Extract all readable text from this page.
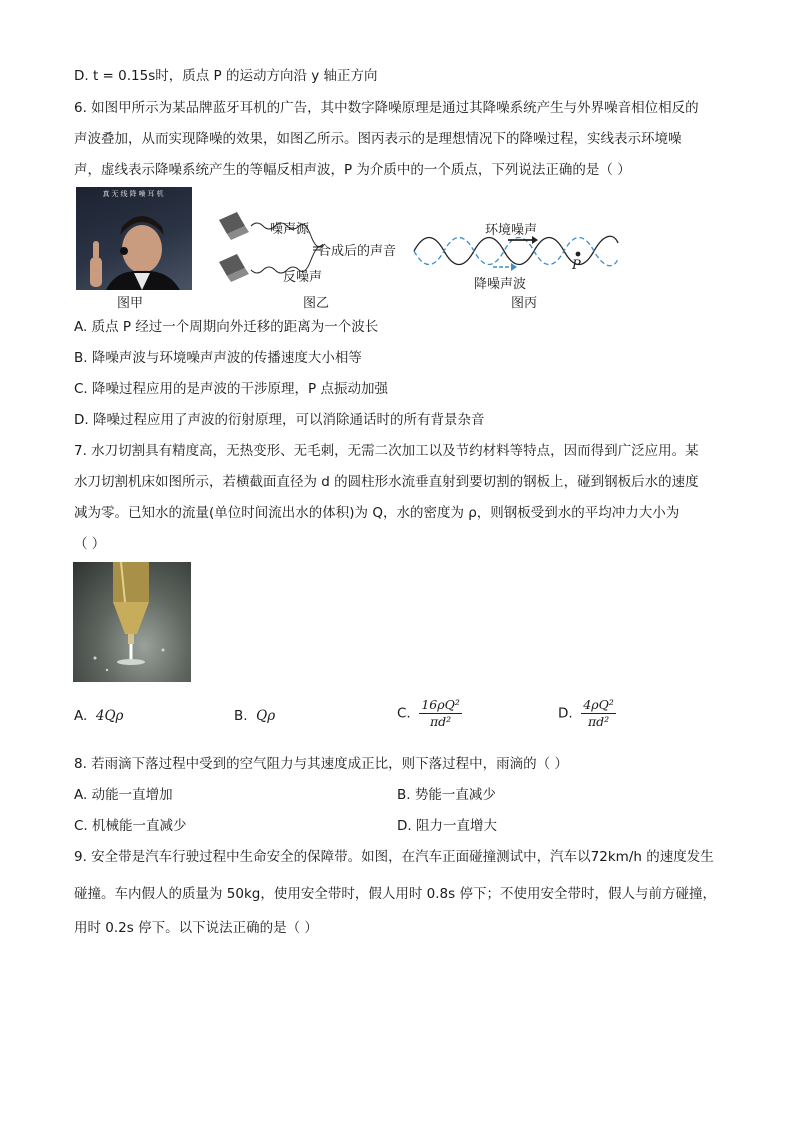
D. t = 0.15s时，质点 P 的运动方向沿 y 轴正方向
6. 如图甲所示为某品牌蓝牙耳机的广告，其中数字降噪原理是通过其降噪系统产生与外界噪音相位相反的
声波叠加，从而实现降噪的效果，如图乙所示。图丙表示的是理想情况下的降噪过程，实线表示环境噪
声，虚线表示降噪系统产生的等幅反相声波，P 为介质中的一个质点，下列说法正确的是（ ）
真无线降噪耳机
图甲
噪声源
合成后的声音
反噪声
图乙
环境噪声
降噪声波
P
图丙
A. 质点 P 经过一个周期向外迁移的距离为一个波长
B. 降噪声波与环境噪声声波的传播速度大小相等
C. 降噪过程应用的是声波的干涉原理，P 点振动加强
D. 降噪过程应用了声波的衍射原理，可以消除通话时的所有背景杂音
7. 水刀切割具有精度高，无热变形、无毛刺，无需二次加工以及节约材料等特点，因而得到广泛应用。某
水刀切割机床如图所示，若横截面直径为 d 的圆柱形水流垂直射到要切割的钢板上，碰到钢板后水的速度
减为零。已知水的流量(单位时间流出水的体积)为 Q，水的密度为 ρ，则钢板受到水的平均冲力大小为
（ ）
A. 4Qρ	B. Qρ	C. $\frac{\text{16ρQ²}}{\text{πd²}}$	D. $\frac{\text{4ρQ²}}{\text{πd²}}$
8. 若雨滴下落过程中受到的空气阻力与其速度成正比，则下落过程中，雨滴的（ ）
A. 动能一直增加	B. 势能一直减少
C. 机械能一直减少	D. 阻力一直增大
9. 安全带是汽车行驶过程中生命安全的保障带。如图，在汽车正面碰撞测试中，汽车以72km/h 的速度发生
碰撞。车内假人的质量为 50kg，使用安全带时，假人用时 0.8s 停下；不使用安全带时，假人与前方碰撞，
用时 0.2s 停下。以下说法正确的是（ ）
